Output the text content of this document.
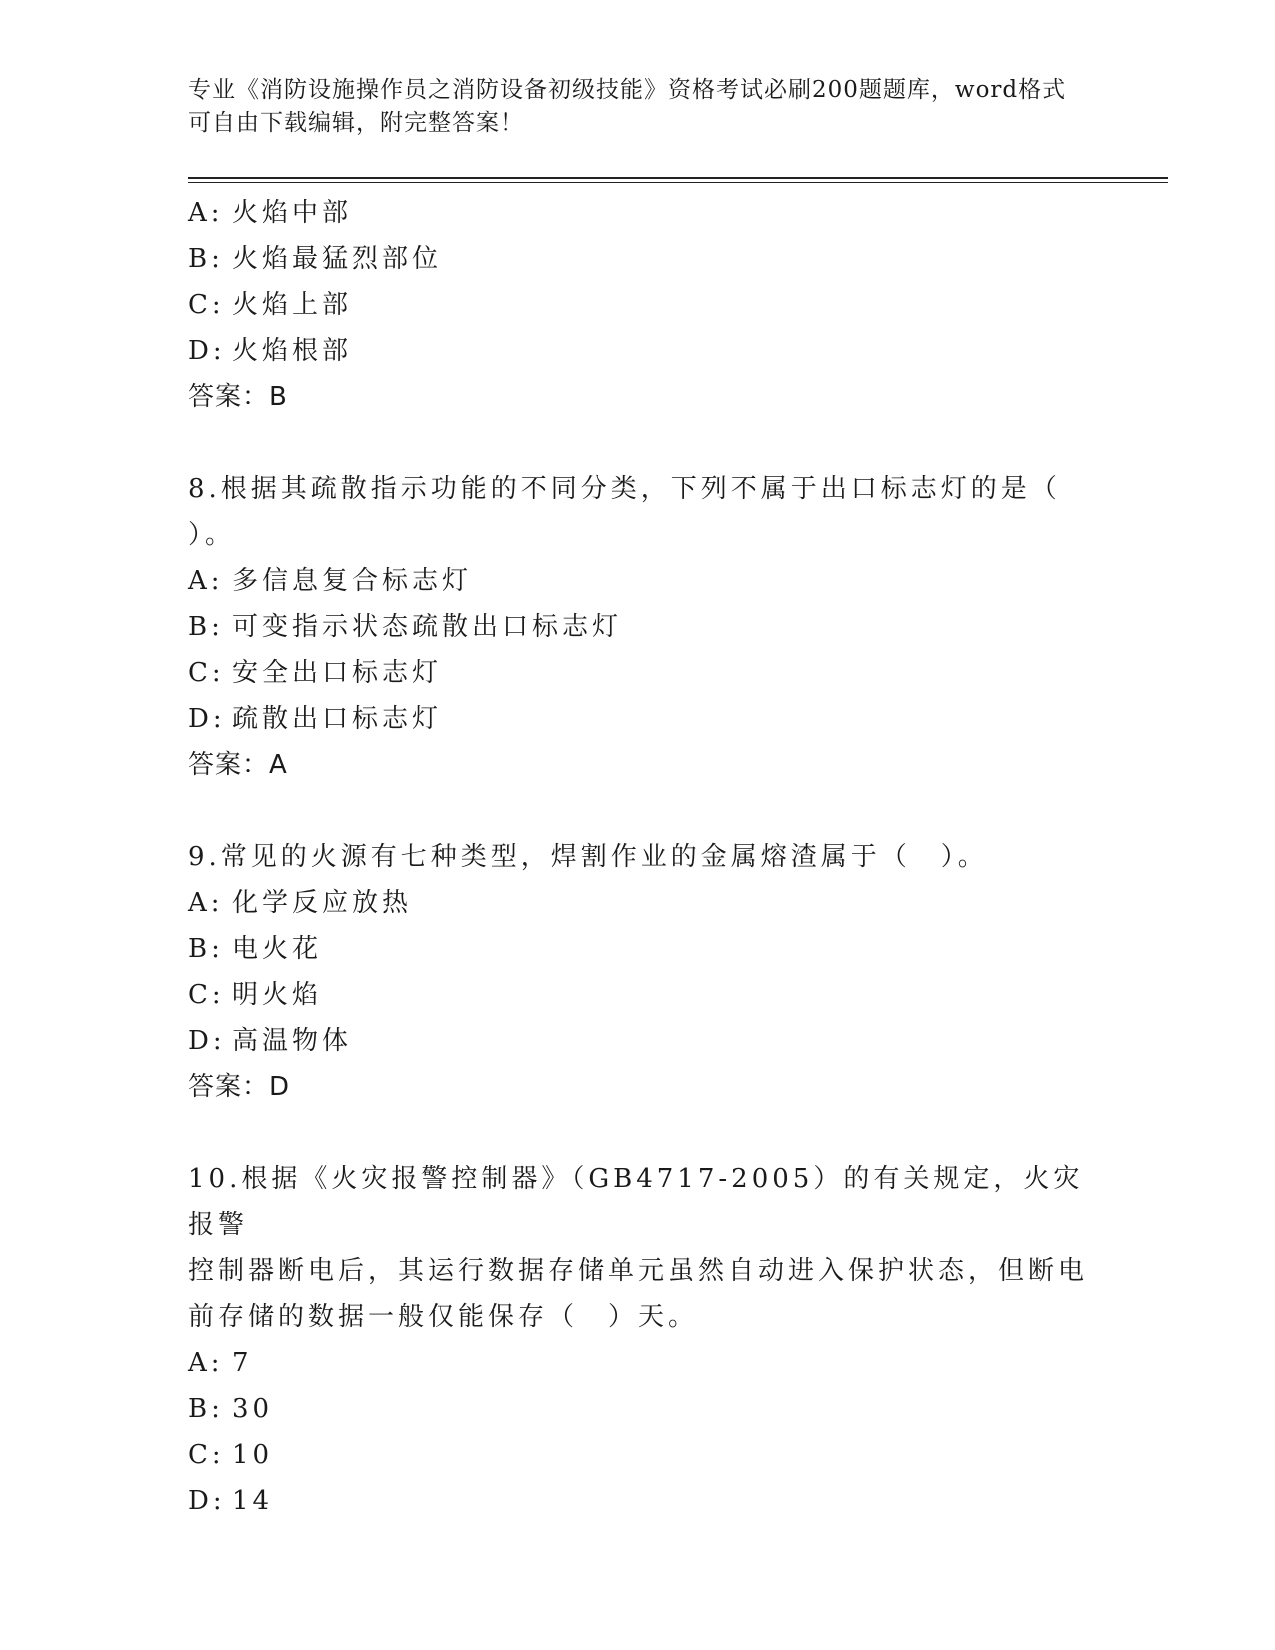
专业《消防设施操作员之消防设备初级技能》资格考试必刷200题题库，word格式可自由下载编辑，附完整答案！
A: 火焰中部
B: 火焰最猛烈部位
C: 火焰上部
D: 火焰根部
答案：B
8.根据其疏散指示功能的不同分类，下列不属于出口标志灯的是（
）。
A: 多信息复合标志灯
B: 可变指示状态疏散出口标志灯
C: 安全出口标志灯
D: 疏散出口标志灯
答案：A
9.常见的火源有七种类型，焊割作业的金属熔渣属于（　）。
A: 化学反应放热
B: 电火花
C: 明火焰
D: 高温物体
答案：D
10.根据《火灾报警控制器》（GB4717-2005）的有关规定，火灾报警
控制器断电后，其运行数据存储单元虽然自动进入保护状态，但断电
前存储的数据一般仅能保存（　）天。
A: 7
B: 30
C: 10
D: 14
